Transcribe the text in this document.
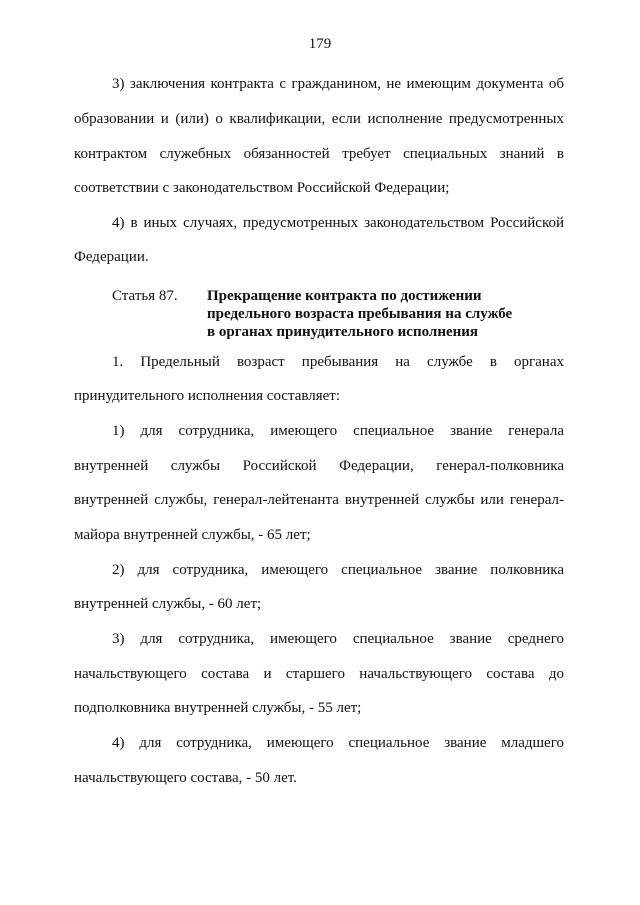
179
3) заключения контракта с гражданином, не имеющим документа об
образовании и (или) о квалификации, если исполнение предусмотренных
контрактом служебных обязанностей требует специальных знаний в
соответствии с законодательством Российской Федерации;
4) в иных случаях, предусмотренных законодательством Российской
Федерации.
Статья 87. Прекращение контракта по достижении
предельного возраста пребывания на службе
в органах принудительного исполнения
1. Предельный возраст пребывания на службе в органах
принудительного исполнения составляет:
1) для сотрудника, имеющего специальное звание генерала
внутренней службы Российской Федерации, генерал-полковника
внутренней службы, генерал-лейтенанта внутренней службы или генерал-
майора внутренней службы, - 65 лет;
2) для сотрудника, имеющего специальное звание полковника
внутренней службы, - 60 лет;
3) для сотрудника, имеющего специальное звание среднего
начальствующего состава и старшего начальствующего состава до
подполковника внутренней службы, - 55 лет;
4) для сотрудника, имеющего специальное звание младшего
начальствующего состава, - 50 лет.
